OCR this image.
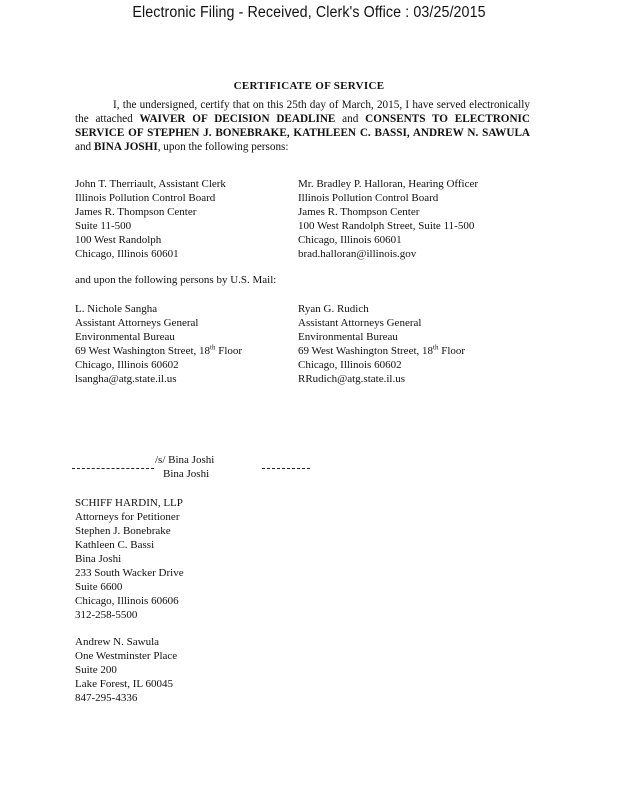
Electronic Filing - Received, Clerk's Office : 03/25/2015
CERTIFICATE OF SERVICE
I, the undersigned, certify that on this 25th day of March, 2015, I have served electronically the attached WAIVER OF DECISION DEADLINE and CONSENTS TO ELECTRONIC SERVICE OF STEPHEN J. BONEBRAKE, KATHLEEN C. BASSI, ANDREW N. SAWULA and BINA JOSHI, upon the following persons:
John T. Therriault, Assistant Clerk
Illinois Pollution Control Board
James R. Thompson Center
Suite 11-500
100 West Randolph
Chicago, Illinois 60601
Mr. Bradley P. Halloran, Hearing Officer
Illinois Pollution Control Board
James R. Thompson Center
100 West Randolph Street, Suite 11-500
Chicago, Illinois 60601
brad.halloran@illinois.gov
and upon the following persons by U.S. Mail:
L. Nichole Sangha
Assistant Attorneys General
Environmental Bureau
69 West Washington Street, 18th Floor
Chicago, Illinois 60602
lsangha@atg.state.il.us
Ryan G. Rudich
Assistant Attorneys General
Environmental Bureau
69 West Washington Street, 18th Floor
Chicago, Illinois 60602
RRudich@atg.state.il.us
/s/ Bina Joshi
Bina Joshi
SCHIFF HARDIN, LLP
Attorneys for Petitioner
Stephen J. Bonebrake
Kathleen C. Bassi
Bina Joshi
233 South Wacker Drive
Suite 6600
Chicago, Illinois 60606
312-258-5500
Andrew N. Sawula
One Westminster Place
Suite 200
Lake Forest, IL 60045
847-295-4336
